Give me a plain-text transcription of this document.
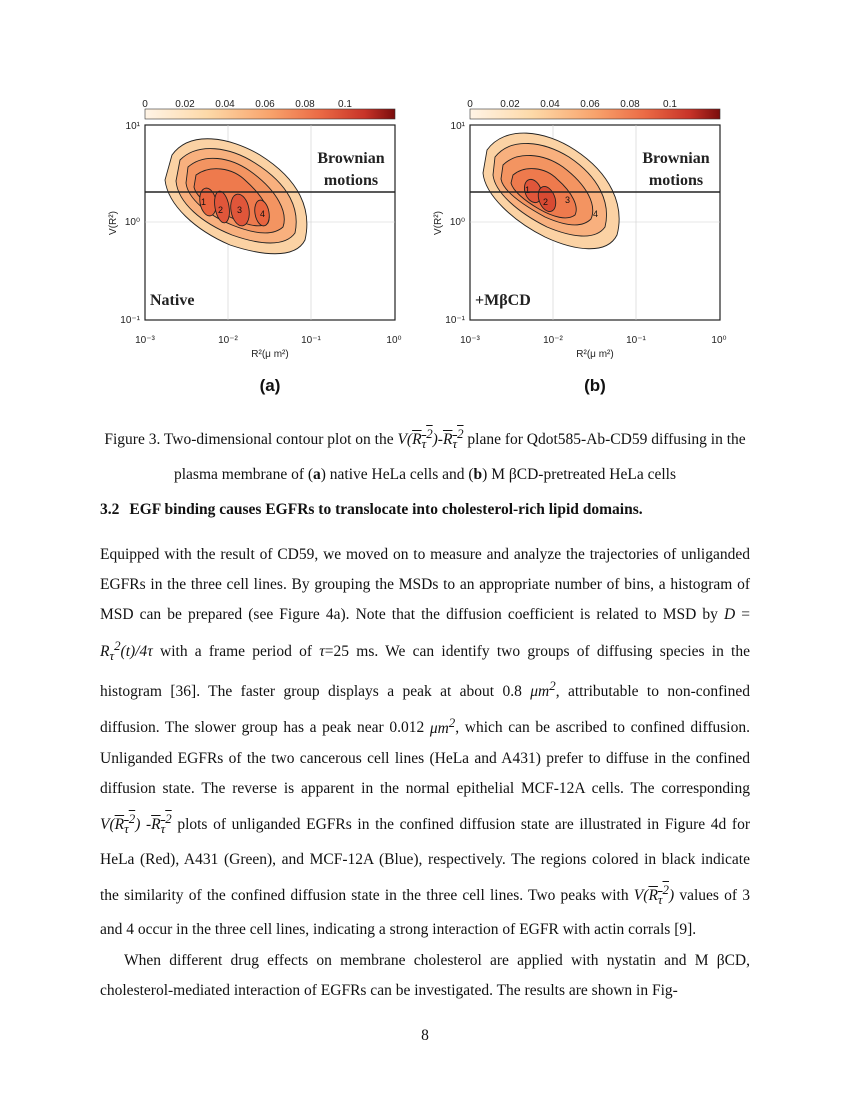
0	0.02 0.04 0.06 0.08 0.1
1
2 3 4
Brownian
motions
Native
10¹
10⁰
10⁻¹
10⁻³	10⁻²	10⁻¹	10⁰
R²(μ m²)
V(R²)
(a)
0	0.02 0.04 0.06 0.08 0.1
1
2 3
4
Brownian
motions
+MβCD
10¹
10⁰
10⁻¹
10⁻³	10⁻²	10⁻¹	10⁰
R²(μ m²)
V(R²)
(b)
Figure 3. Two-dimensional contour plot on the $V(R_\tau^2)-R_\tau^2$ plane for Qdot585-Ab-CD59 diffusing in the plasma membrane of (a) native HeLa cells and (b) M βCD-pretreated HeLa cells
3.2 EGF binding causes EGFRs to translocate into cholesterol-rich lipid domains.

Equipped with the result of CD59, we moved on to measure and analyze the trajectories of unliganded EGFRs in the three cell lines. By grouping the MSDs to an appropriate number of bins, a histogram of MSD can be prepared (see Figure 4a). Note that the diffusion coefficient is related to MSD by $D = R_\tau^2(t)/4\tau$ with a frame period of τ=25 ms. We can identify two groups of diffusing species in the histogram [36]. The faster group displays a peak at about 0.8 $\mu m^2$, attributable to non-confined diffusion. The slower group has a peak near 0.012 $\mu m^2$, which can be ascribed to confined diffusion. Unliganded EGFRs of the two cancerous cell lines (HeLa and A431) prefer to diffuse in the confined diffusion state. The reverse is apparent in the normal epithelial MCF-12A cells. The corresponding $V(R_\tau^2)$ $-R_\tau^2$ plots of unliganded EGFRs in the confined diffusion state are illustrated in Figure 4d for HeLa (Red), A431 (Green), and MCF-12A (Blue), respectively. The regions colored in black indicate the similarity of the confined diffusion state in the three cell lines. Two peaks with $V(R_\tau^2)$ values of 3 and 4 occur in the three cell lines, indicating a strong interaction of EGFR with actin corrals [9].

When different drug effects on membrane cholesterol are applied with nystatin and M βCD, cholesterol-mediated interaction of EGFRs can be investigated. The results are shown in Fig-

8
